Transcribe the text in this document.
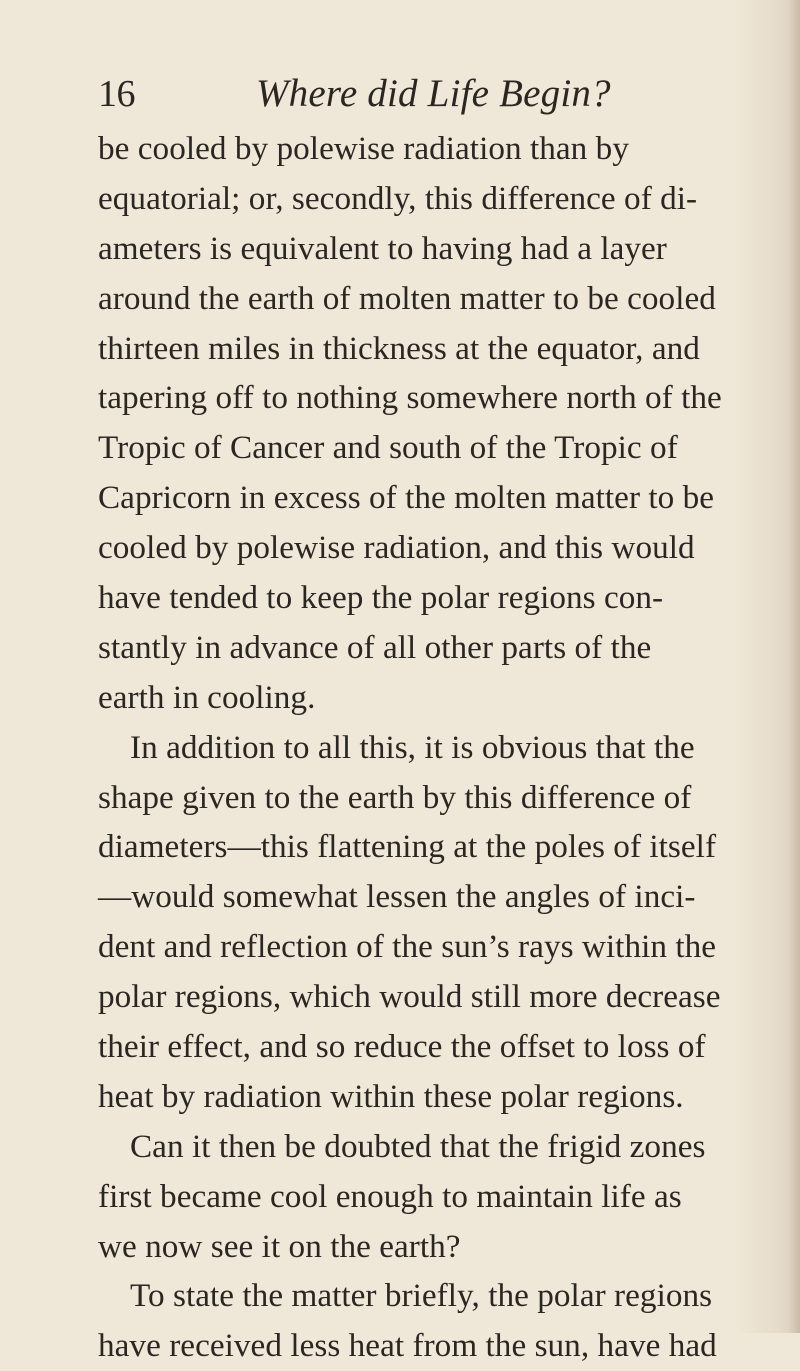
16	Where did Life Begin?
be cooled by polewise radiation than by
equatorial; or, secondly, this difference of di-
ameters is equivalent to having had a layer
around the earth of molten matter to be cooled
thirteen miles in thickness at the equator, and
tapering off to nothing somewhere north of the
Tropic of Cancer and south of the Tropic of
Capricorn in excess of the molten matter to be
cooled by polewise radiation, and this would
have tended to keep the polar regions con-
stantly in advance of all other parts of the
earth in cooling.
In addition to all this, it is obvious that the
shape given to the earth by this difference of
diameters—this flattening at the poles of itself
—would somewhat lessen the angles of inci-
dent and reflection of the sun’s rays within the
polar regions, which would still more decrease
their effect, and so reduce the offset to loss of
heat by radiation within these polar regions.
Can it then be doubted that the frigid zones
first became cool enough to maintain life as
we now see it on the earth?
To state the matter briefly, the polar regions
have received less heat from the sun, have had
